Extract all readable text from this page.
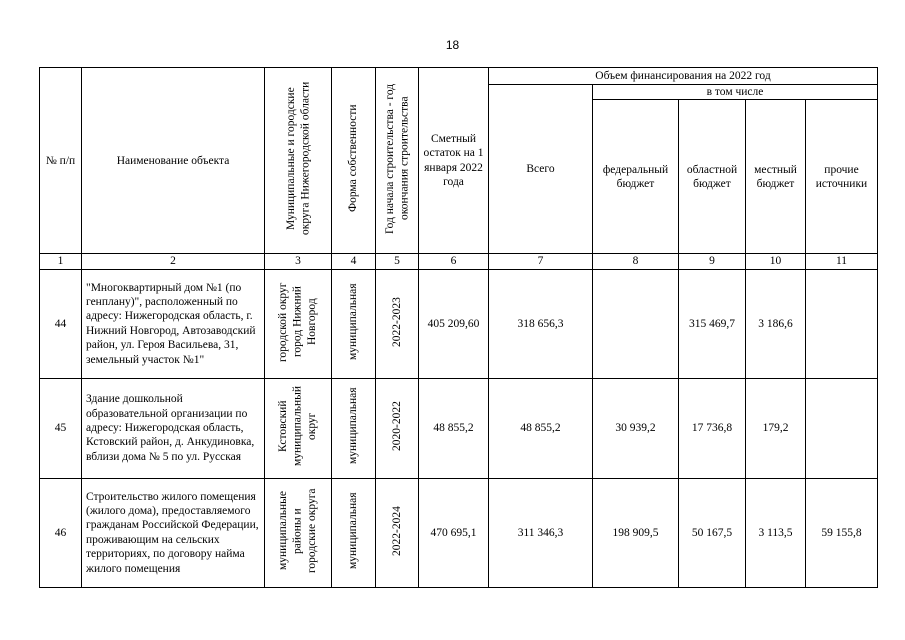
18
№ п/п	Наименование объекта	Муниципальные и городские округа Нижегородской области	Форма собственности	Год начала строительства - год окончания строительства	Сметный остаток на 1 января 2022 года	Объем финансирования на 2022 год				
						Всего	в том числе			
							федеральный бюджет	областной бюджет	местный бюджет	прочие источники
1	2	3	4	5	6	7	8	9	10	11
44	"Многоквартирный дом №1 (по генплану)", расположенный по адресу: Нижегородская область, г. Нижний Новгород, Автозаводский район, ул. Героя Васильева, 31, земельный участок №1"	городской округ город Нижний Новгород	муниципальная	2022-2023	405 209,60	318 656,3		315 469,7	3 186,6	
45	Здание дошкольной образовательной организации по адресу: Нижегородская область, Кстовский район, д. Анкудиновка, вблизи дома № 5 по ул. Русская	Кстовский муниципальный округ	муниципальная	2020-2022	48 855,2	48 855,2	30 939,2	17 736,8	179,2	
46	Строительство жилого помещения (жилого дома), предоставляемого гражданам Российской Федерации, проживающим на сельских территориях, по договору найма жилого помещения	муниципальные районы и городские округа	муниципальная	2022-2024	470 695,1	311 346,3	198 909,5	50 167,5	3 113,5	59 155,8
